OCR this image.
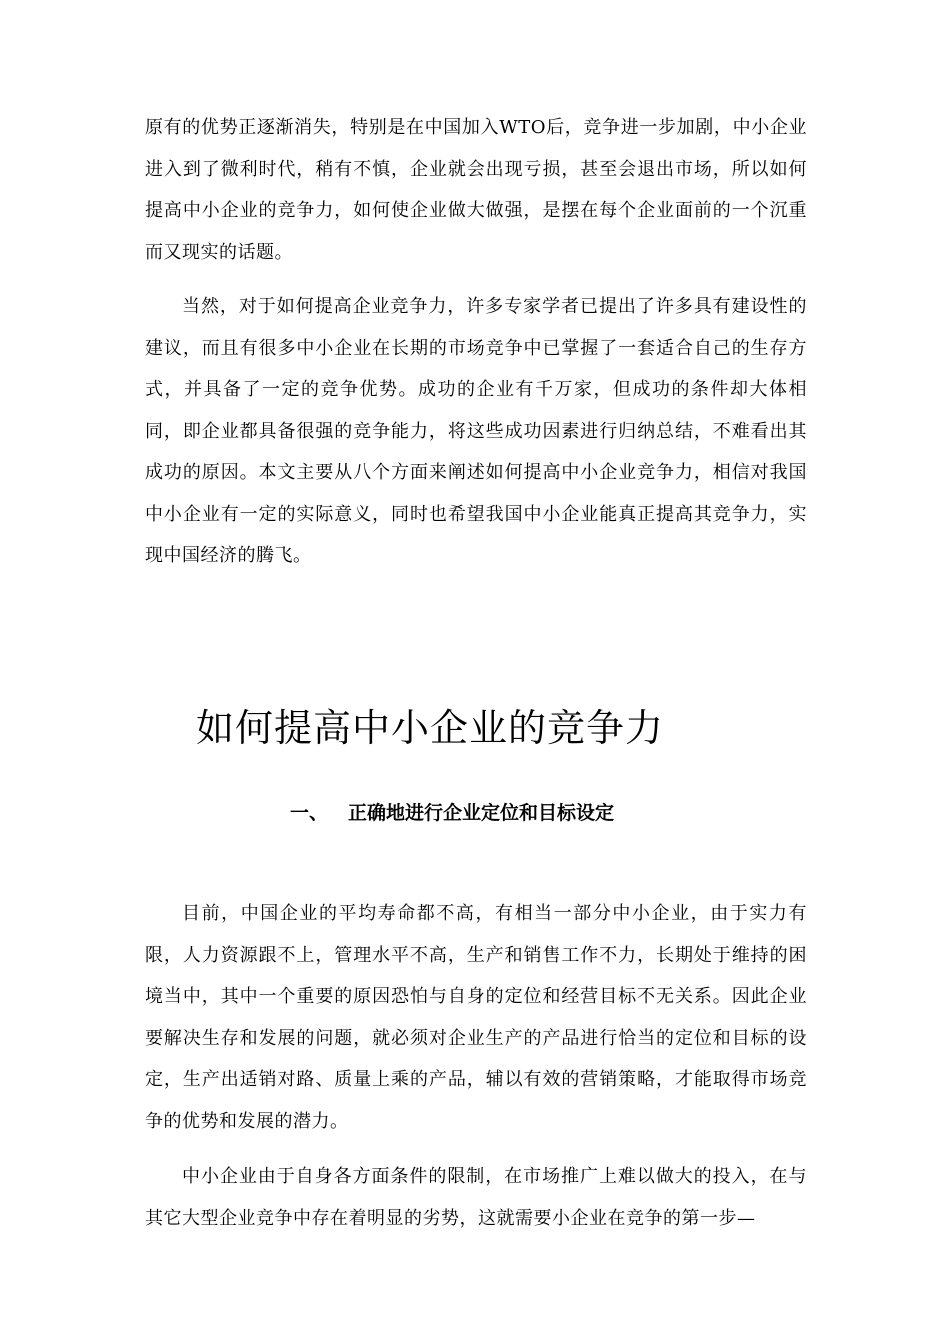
原有的优势正逐渐消失，特别是在中国加入WTO后，竞争进一步加剧，中小企业进入到了微利时代，稍有不慎，企业就会出现亏损，甚至会退出市场，所以如何提高中小企业的竞争力，如何使企业做大做强，是摆在每个企业面前的一个沉重而又现实的话题。

当然，对于如何提高企业竞争力，许多专家学者已提出了许多具有建设性的建议，而且有很多中小企业在长期的市场竞争中已掌握了一套适合自己的生存方式，并具备了一定的竞争优势。成功的企业有千万家，但成功的条件却大体相同，即企业都具备很强的竞争能力，将这些成功因素进行归纳总结，不难看出其成功的原因。本文主要从八个方面来阐述如何提高中小企业竞争力，相信对我国中小企业有一定的实际意义，同时也希望我国中小企业能真正提高其竞争力，实现中国经济的腾飞。

如何提高中小企业的竞争力
一、 正确地进行企业定位和目标设定

目前，中国企业的平均寿命都不高，有相当一部分中小企业，由于实力有限，人力资源跟不上，管理水平不高，生产和销售工作不力，长期处于维持的困境当中，其中一个重要的原因恐怕与自身的定位和经营目标不无关系。因此企业要解决生存和发展的问题，就必须对企业生产的产品进行恰当的定位和目标的设定，生产出适销对路、质量上乘的产品，辅以有效的营销策略，才能取得市场竞争的优势和发展的潜力。

中小企业由于自身各方面条件的限制，在市场推广上难以做大的投入，在与其它大型企业竞争中存在着明显的劣势，这就需要小企业在竞争的第一步—
